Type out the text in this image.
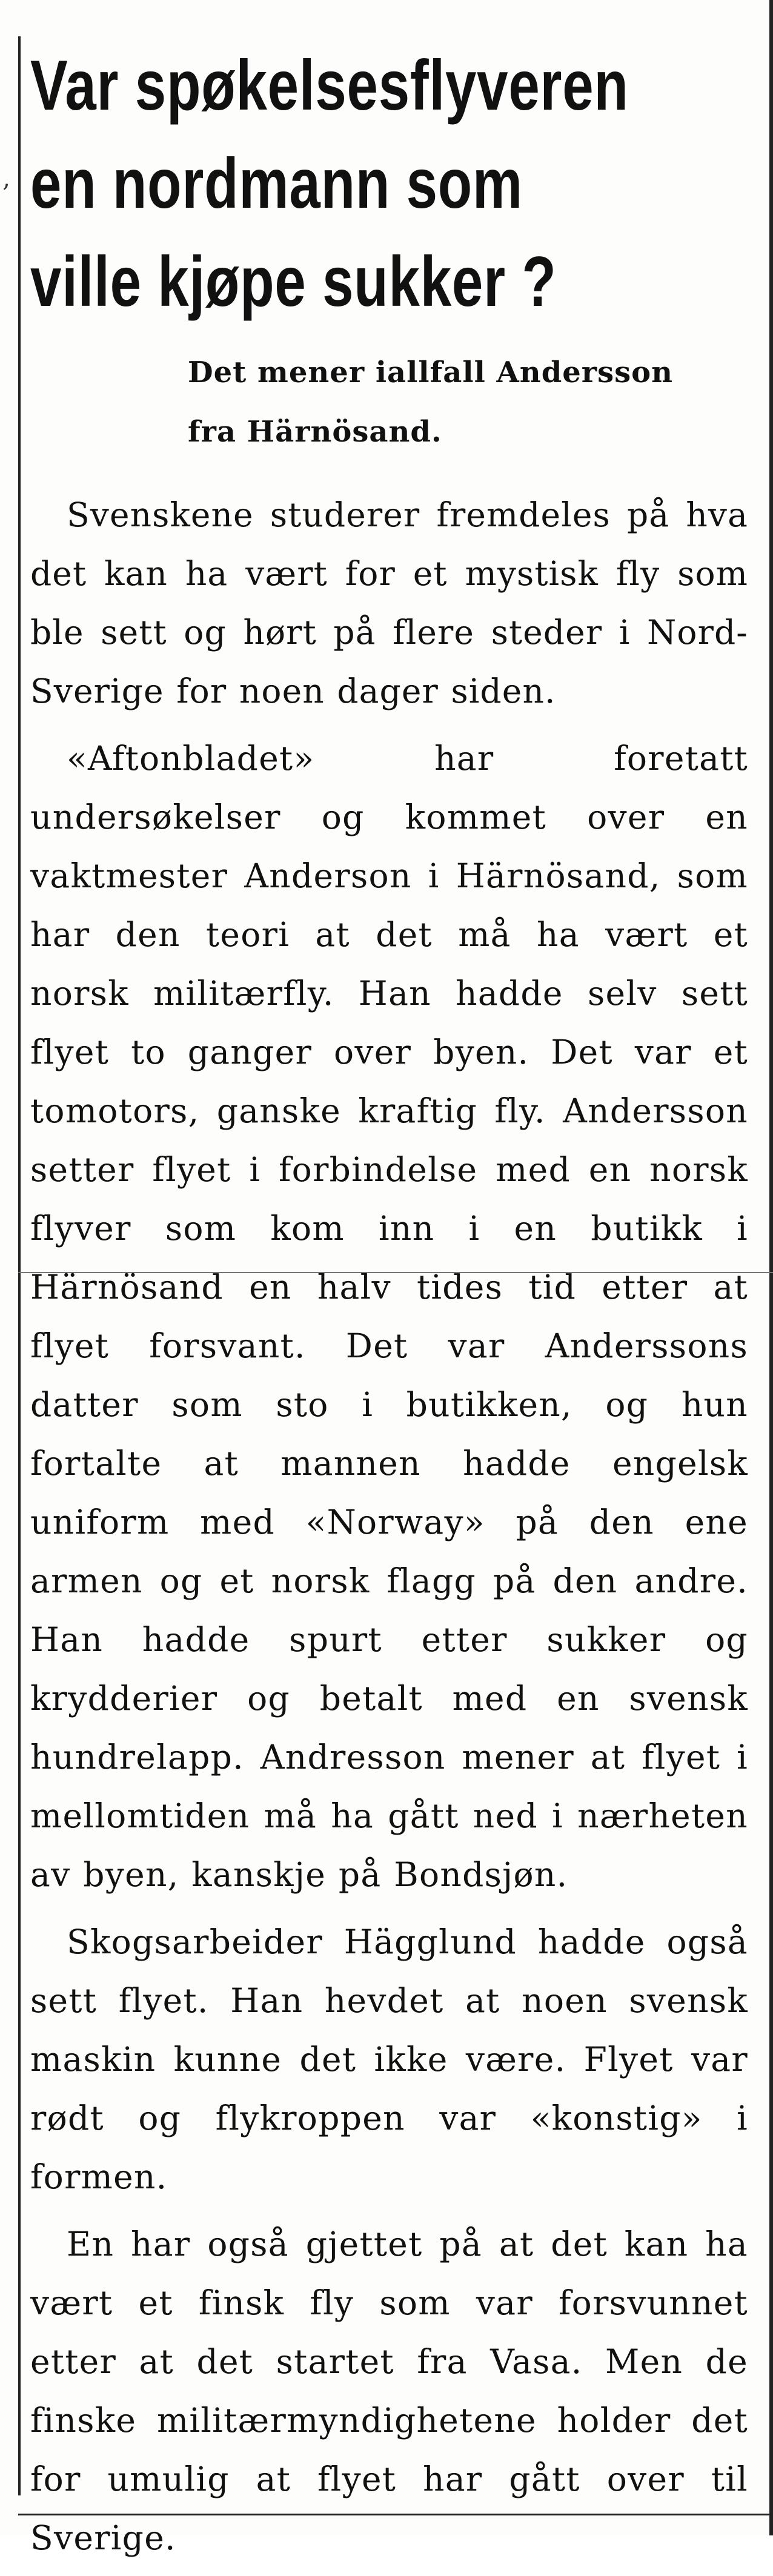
‚
Var spøkelsesflyveren
en nordmann som
ville kjøpe sukker ?
Det mener iallfall Andersson
fra Härnösand.

Svenskene studerer fremdeles på hva det kan ha vært for et mystisk fly som ble sett og hørt på flere steder i Nord-Sverige for noen dager siden.

«Aftonbladet» har foretatt undersøkelser og kommet over en vaktmester Anderson i Härnösand, som har den teori at det må ha vært et norsk militærfly. Han hadde selv sett flyet to ganger over byen. Det var et tomotors, ganske kraftig fly. Andersson setter flyet i forbindelse med en norsk flyver som kom inn i en butikk i Härnösand en halv tides tid etter at flyet forsvant. Det var Anderssons datter som sto i butikken, og hun fortalte at mannen hadde engelsk uniform med «Norway» på den ene armen og et norsk flagg på den andre. Han hadde spurt etter sukker og krydderier og betalt med en svensk hundrelapp. Andresson mener at flyet i mellomtiden må ha gått ned i nærheten av byen, kanskje på Bondsjøn.

Skogsarbeider Hägglund hadde også sett flyet. Han hevdet at noen svensk maskin kunne det ikke være. Flyet var rødt og flykroppen var «konstig» i formen.

En har også gjettet på at det kan ha vært et finsk fly som var forsvunnet etter at det startet fra Vasa. Men de finske militærmyndighetene holder det for umulig at flyet har gått over til Sverige.
